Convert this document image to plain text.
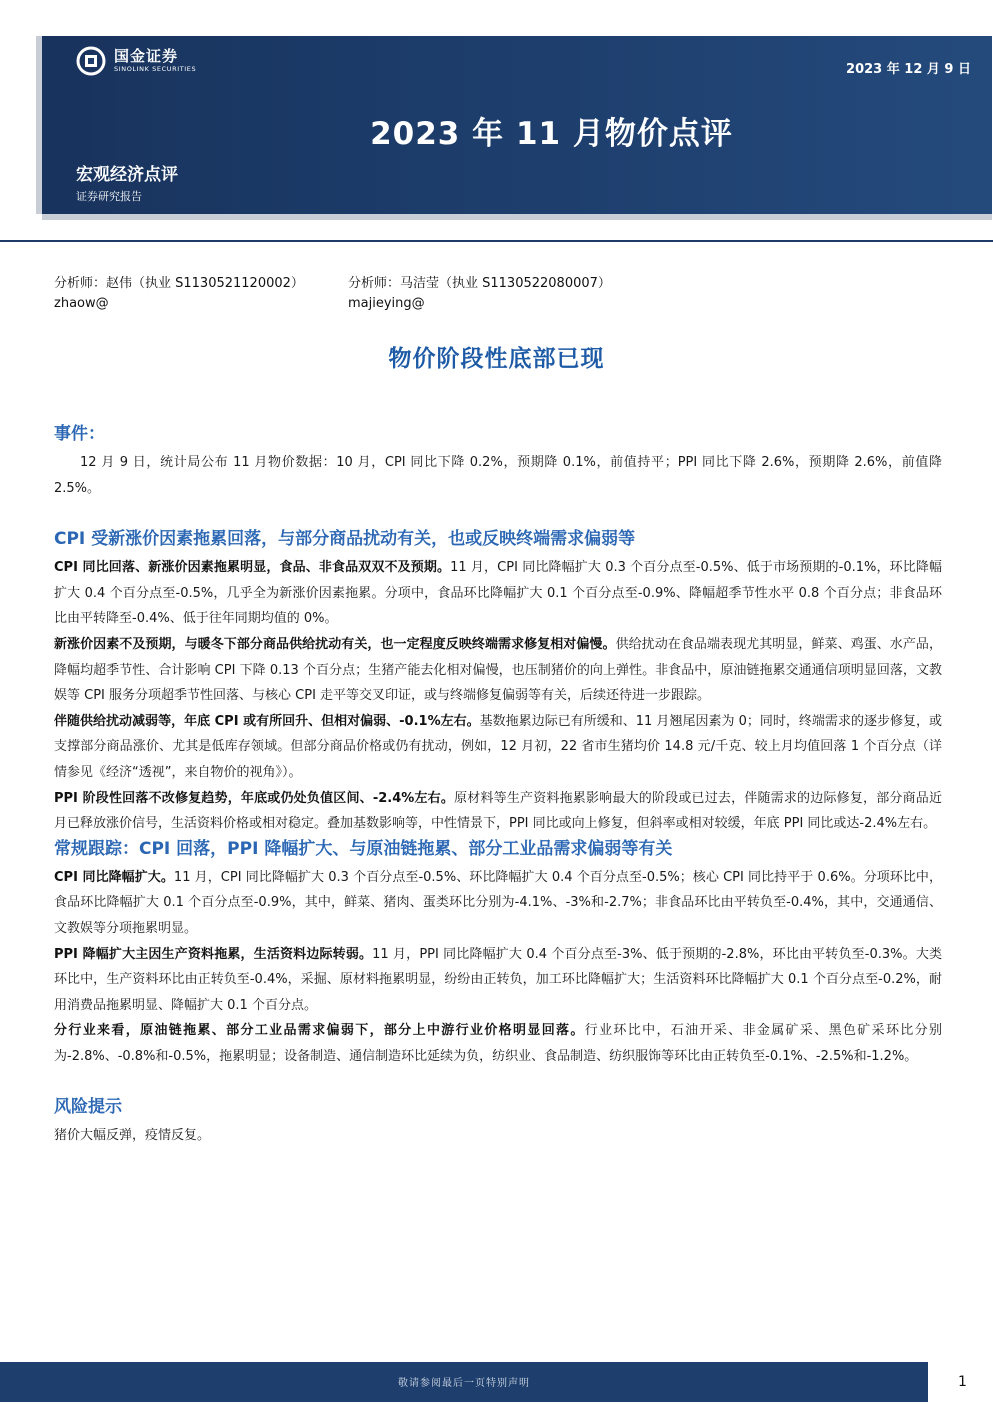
国金证券
SINOLINK SECURITIES	2023 年 12 月 9 日
2023 年 11 月物价点评
宏观经济点评
证券研究报告
分析师：赵伟（执业 S1130521120002）
zhaow@
分析师：马洁莹（执业 S1130522080007）
majieying@
物价阶段性底部已现
事件：

12 月 9 日，统计局公布 11 月物价数据：10 月，CPI 同比下降 0.2%，预期降 0.1%，前值持平；PPI 同比下降 2.6%，预期降 2.6%，前值降 2.5%。

CPI 受新涨价因素拖累回落，与部分商品扰动有关，也或反映终端需求偏弱等

CPI 同比回落、新涨价因素拖累明显，食品、非食品双双不及预期。11 月，CPI 同比降幅扩大 0.3 个百分点至-0.5%、低于市场预期的-0.1%，环比降幅扩大 0.4 个百分点至-0.5%，几乎全为新涨价因素拖累。分项中，食品环比降幅扩大 0.1 个百分点至-0.9%、降幅超季节性水平 0.8 个百分点；非食品环比由平转降至-0.4%、低于往年同期均值的 0%。

新涨价因素不及预期，与暖冬下部分商品供给扰动有关，也一定程度反映终端需求修复相对偏慢。供给扰动在食品端表现尤其明显，鲜菜、鸡蛋、水产品，降幅均超季节性、合计影响 CPI 下降 0.13 个百分点；生猪产能去化相对偏慢，也压制猪价的向上弹性。非食品中，原油链拖累交通通信项明显回落，文教娱等 CPI 服务分项超季节性回落、与核心 CPI 走平等交叉印证，或与终端修复偏弱等有关，后续还待进一步跟踪。

伴随供给扰动减弱等，年底 CPI 或有所回升、但相对偏弱、-0.1%左右。基数拖累边际已有所缓和、11 月翘尾因素为 0；同时，终端需求的逐步修复，或支撑部分商品涨价、尤其是低库存领域。但部分商品价格或仍有扰动，例如，12 月初，22 省市生猪均价 14.8 元/千克、较上月均值回落 1 个百分点（详情参见《经济“透视”，来自物价的视角》）。

PPI 阶段性回落不改修复趋势，年底或仍处负值区间、-2.4%左右。原材料等生产资料拖累影响最大的阶段或已过去，伴随需求的边际修复，部分商品近月已释放涨价信号，生活资料价格或相对稳定。叠加基数影响等，中性情景下，PPI 同比或向上修复，但斜率或相对较缓，年底 PPI 同比或达-2.4%左右。

常规跟踪：CPI 回落，PPI 降幅扩大、与原油链拖累、部分工业品需求偏弱等有关

CPI 同比降幅扩大。11 月，CPI 同比降幅扩大 0.3 个百分点至-0.5%、环比降幅扩大 0.4 个百分点至-0.5%；核心 CPI 同比持平于 0.6%。分项环比中，食品环比降幅扩大 0.1 个百分点至-0.9%，其中，鲜菜、猪肉、蛋类环比分别为-4.1%、-3%和-2.7%；非食品环比由平转负至-0.4%，其中，交通通信、文教娱等分项拖累明显。

PPI 降幅扩大主因生产资料拖累，生活资料边际转弱。11 月，PPI 同比降幅扩大 0.4 个百分点至-3%、低于预期的-2.8%，环比由平转负至-0.3%。大类环比中，生产资料环比由正转负至-0.4%，采掘、原材料拖累明显，纷纷由正转负，加工环比降幅扩大；生活资料环比降幅扩大 0.1 个百分点至-0.2%，耐用消费品拖累明显、降幅扩大 0.1 个百分点。

分行业来看，原油链拖累、部分工业品需求偏弱下，部分上中游行业价格明显回落。行业环比中，石油开采、非金属矿采、黑色矿采环比分别为-2.8%、-0.8%和-0.5%，拖累明显；设备制造、通信制造环比延续为负，纺织业、食品制造、纺织服饰等环比由正转负至-0.1%、-2.5%和-1.2%。

风险提示

猪价大幅反弹，疫情反复。

敬请参阅最后一页特别声明	1
